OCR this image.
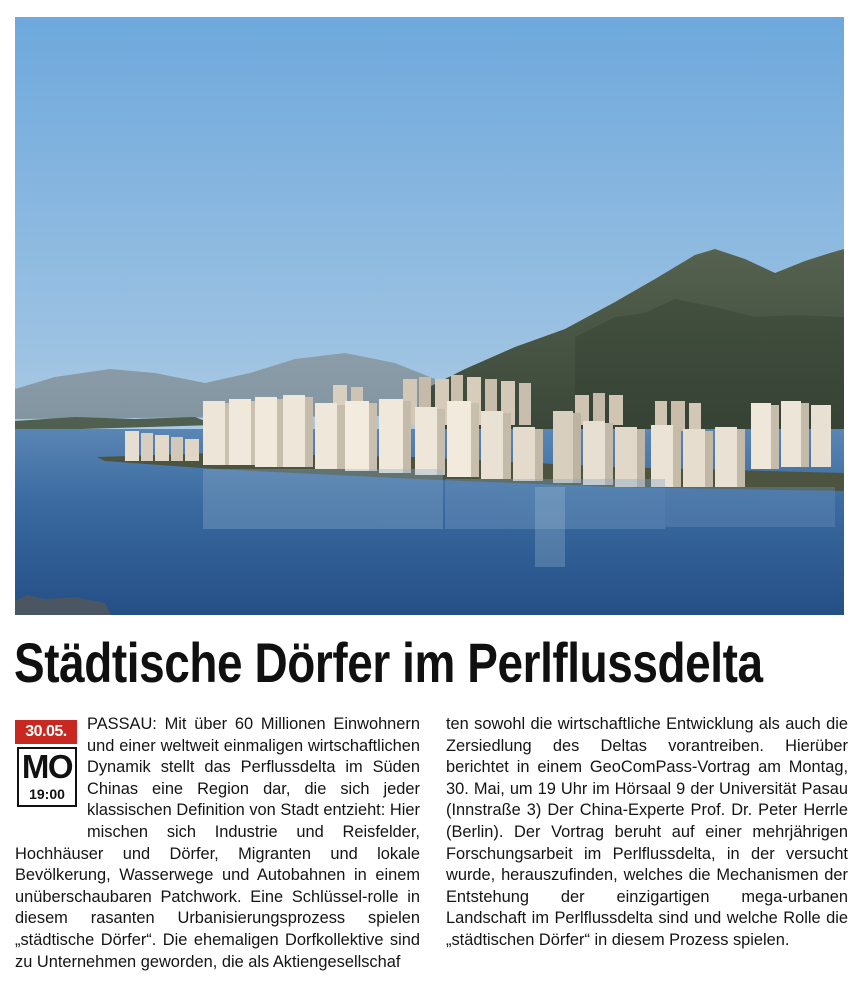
Städtische Dörfer im Perlflussdelta
30.05.
MO
19:00

PASSAU: Mit über 60 Millionen Einwohnern und einer weltweit einmaligen wirtschaftlichen Dynamik stellt das Perflussdelta im Süden Chinas eine Region dar, die sich jeder klassischen Definition von Stadt entzieht: Hier mischen sich Industrie und Reisfelder, Hochhäuser und Dörfer, Migranten und lokale Bevölkerung, Wasserwege und Autobahnen in einem unüberschaubaren Patchwork. Eine Schlüssel-rolle in diesem rasanten Urbanisierungsprozess spielen „städtische Dörfer“. Die ehemaligen Dorfkollektive sind zu Unternehmen geworden, die als Aktiengesellschaf

ten sowohl die wirtschaftliche Entwicklung als auch die Zersiedlung des Deltas vorantreiben. Hierüber berichtet in einem GeoComPass-Vortrag am Montag, 30. Mai, um 19 Uhr im Hörsaal 9 der Universität Pasau (Innstraße 3) Der China-Experte Prof. Dr. Peter Herrle (Berlin). Der Vortrag beruht auf einer mehrjährigen Forschungsarbeit im Perlflussdelta, in der versucht wurde, herauszufinden, welches die Mechanismen der Entstehung der einzigartigen mega-urbanen Landschaft im Perlflussdelta sind und welche Rolle die „städtischen Dörfer“ in diesem Prozess spielen.
